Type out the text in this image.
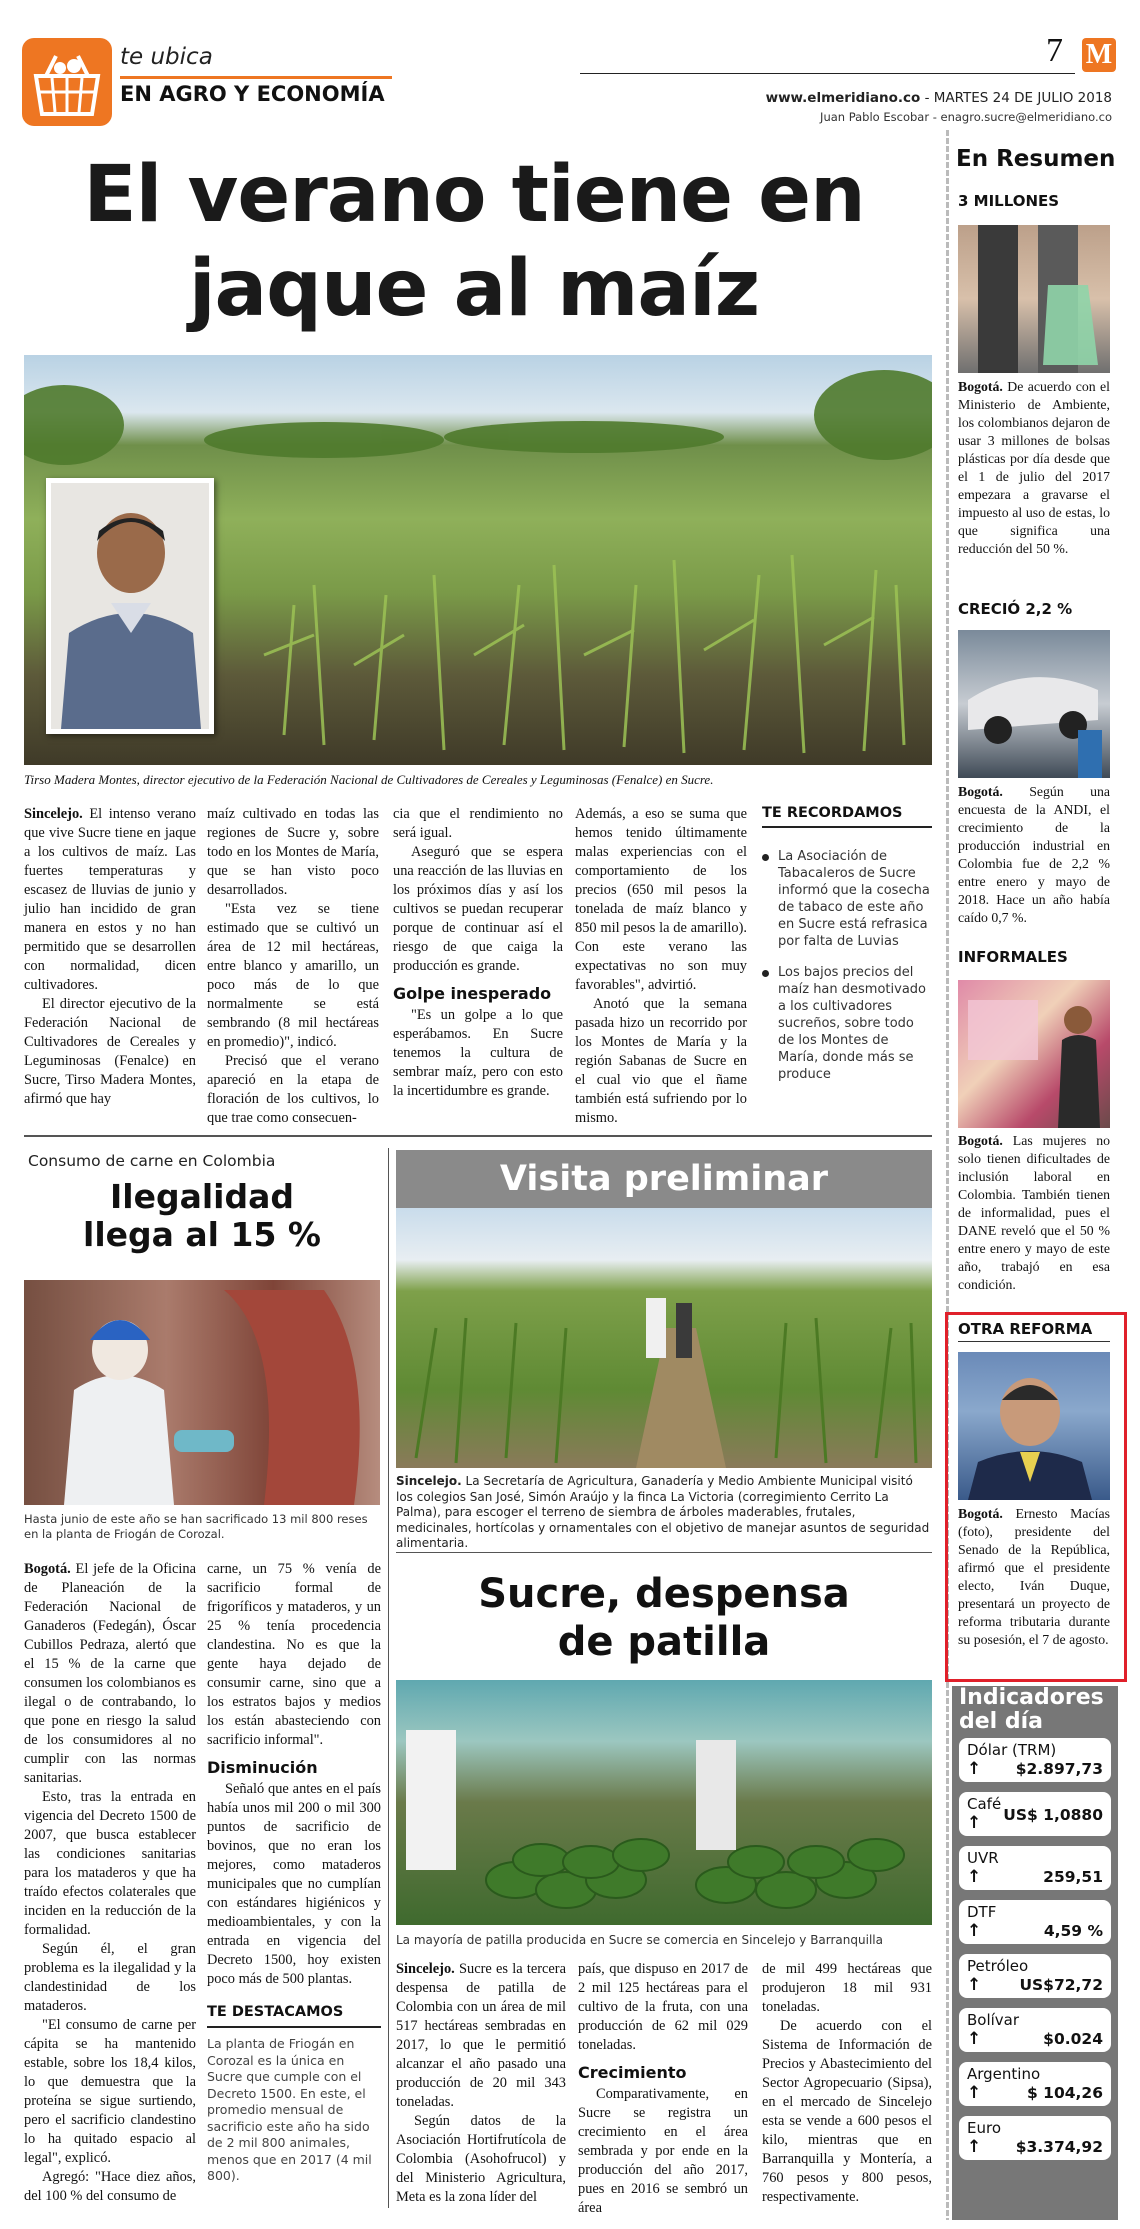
te ubica
EN AGRO Y ECONOMÍA
7 M
www.elmeridiano.co - MARTES 24 DE JULIO 2018
Juan Pablo Escobar - enagro.sucre@elmeridiano.co
El verano tiene en
jaque al maíz
Tirso Madera Montes, director ejecutivo de la Federación Nacional de Cultivadores de Cereales y Leguminosas (Fenalce) en Sucre.

Sincelejo. El intenso verano que vive Sucre tiene en jaque a los cultivos de maíz. Las fuertes temperaturas y escasez de lluvias de junio y julio han incidido de gran manera en estos y no han permitido que se desarrollen con normalidad, dicen cultivadores.

El director ejecutivo de la Federación Nacional de Cultivadores de Cereales y Leguminosas (Fenalce) en Sucre, Tirso Madera Montes, afirmó que hay

maíz cultivado en todas las regiones de Sucre y, sobre todo en los Montes de María, que se han visto poco desarrollados.

"Esta vez se tiene estimado que se cultivó un área de 12 mil hectáreas, entre blanco y amarillo, un poco más de lo que normalmente se está sembrando (8 mil hectáreas en promedio)", indicó.

Precisó que el verano apareció en la etapa de floración de los cultivos, lo que trae como consecuen-

cia que el rendimiento no será igual.

Aseguró que se espera una reacción de las lluvias en los próximos días y así los cultivos se puedan recuperar porque de continuar así el riesgo de que caiga la producción es grande.

Golpe inesperado

"Es un golpe a lo que esperábamos. En Sucre tenemos la cultura de sembrar maíz, pero con esto la incertidumbre es grande.

Además, a eso se suma que hemos tenido últimamente malas experiencias con el comportamiento de los precios (650 mil pesos la tonelada de maíz blanco y 850 mil pesos la de amarillo). Con este verano las expectativas no son muy favorables", advirtió.

Anotó que la semana pasada hizo un recorrido por los Montes de María y la región Sabanas de Sucre en el cual vio que el ñame también está sufriendo por lo mismo.

TE RECORDAMOS
La Asociación de Tabacaleros de Sucre informó que la cosecha de tabaco de este año en Sucre está refrasica por falta de Luvias
Los bajos precios del maíz han desmotivado a los cultivadores sucreños, sobre todo de los Montes de María, donde más se produce
Consumo de carne en Colombia
Ilegalidad
llega al 15 %
Hasta junio de este año se han sacrificado 13 mil 800 reses en la planta de Friogán de Corozal.

Bogotá. El jefe de la Oficina de Planeación de la Federación Nacional de Ganaderos (Fedegán), Óscar Cubillos Pedraza, alertó que el 15 % de la carne que consumen los colombianos es ilegal o de contrabando, lo que pone en riesgo la salud de los consumidores al no cumplir con las normas sanitarias.

Esto, tras la entrada en vigencia del Decreto 1500 de 2007, que busca establecer las condiciones sanitarias para los mataderos y que ha traído efectos colaterales que inciden en la reducción de la formalidad.

Según él, el gran problema es la ilegalidad y la clandestinidad de los mataderos.

"El consumo de carne per cápita se ha mantenido estable, sobre los 18,4 kilos, lo que demuestra que la proteína se sigue surtiendo, pero el sacrificio clandestino lo ha quitado espacio al legal", explicó.

Agregó: "Hace diez años, del 100 % del consumo de

carne, un 75 % venía de sacrificio formal de frigoríficos y mataderos, y un 25 % tenía procedencia clandestina. No es que la gente haya dejado de consumir carne, sino que a los estratos bajos y medios los están abasteciendo con sacrificio informal".

Disminución

Señaló que antes en el país había unos mil 200 o mil 300 puntos de sacrificio de bovinos, que no eran los mejores, como mataderos municipales que no cumplían con estándares higiénicos y medioambientales, y con la entrada en vigencia del Decreto 1500, hoy existen poco más de 500 plantas.

TE DESTACAMOS
La planta de Friogán en Corozal es la única en Sucre que cumple con el Decreto 1500. En este, el promedio mensual de sacrificio este año ha sido de 2 mil 800 animales, menos que en 2017 (4 mil 800).
Visita preliminar
Sincelejo. La Secretaría de Agricultura, Ganadería y Medio Ambiente Municipal visitó los colegios San José, Simón Araújo y la finca La Victoria (corregimiento Cerrito La Palma), para escoger el terreno de siembra de árboles maderables, frutales, medicinales, hortícolas y ornamentales con el objetivo de manejar asuntos de seguridad alimentaria.
Sucre, despensa
de patilla
La mayoría de patilla producida en Sucre se comercia en Sincelejo y Barranquilla

Sincelejo. Sucre es la tercera despensa de patilla de Colombia con un área de mil 517 hectáreas sembradas en 2017, lo que le permitió alcanzar el año pasado una producción de 20 mil 343 toneladas.

Según datos de la Asociación Hortifrutícola de Colombia (Asohofrucol) y del Ministerio Agricultura, Meta es la zona líder del

país, que dispuso en 2017 de 2 mil 125 hectáreas para el cultivo de la fruta, con una producción de 62 mil 029 toneladas.

Crecimiento

Comparativamente, en Sucre se registra un crecimiento en el área sembrada y por ende en la producción del año 2017, pues en 2016 se sembró un área

de mil 499 hectáreas que produjeron 18 mil 931 toneladas.

De acuerdo con el Sistema de Información de Precios y Abastecimiento del Sector Agropecuario (Sipsa), en el mercado de Sincelejo esta se vende a 600 pesos el kilo, mientras que en Barranquilla y Montería, a 760 pesos y 800 pesos, respectivamente.

En Resumen
3 MILLONES
Bogotá. De acuerdo con el Ministerio de Ambiente, los colombianos dejaron de usar 3 millones de bolsas plásticas por día desde que el 1 de julio del 2017 empezara a gravarse el impuesto al uso de estas, lo que significa una reducción del 50 %.
CRECIÓ 2,2 %
Bogotá. Según una encuesta de la ANDI, el crecimiento de la producción industrial en Colombia fue de 2,2 % entre enero y mayo de 2018. Hace un año había caído 0,7 %.
INFORMALES
Bogotá. Las mujeres no solo tienen dificultades de inclusión laboral en Colombia. También tienen de informalidad, pues el DANE reveló que el 50 % entre enero y mayo de este año, trabajó en esa condición.
OTRA REFORMA
Bogotá. Ernesto Macías (foto), presidente del Senado de la República, afirmó que el presidente electo, Iván Duque, presentará un proyecto de reforma tributaria durante su posesión, el 7 de agosto.
Indicadores
del día
Dólar (TRM)
↑ $2.897,73
Café
↑ US$ 1,0880
UVR
↑	259,51
DTF
↑	4,59 %
Petróleo
↑ US$72,72
Bolívar
↑	$0.024
Argentino
↑	$ 104,26
Euro
↑ $3.374,92
